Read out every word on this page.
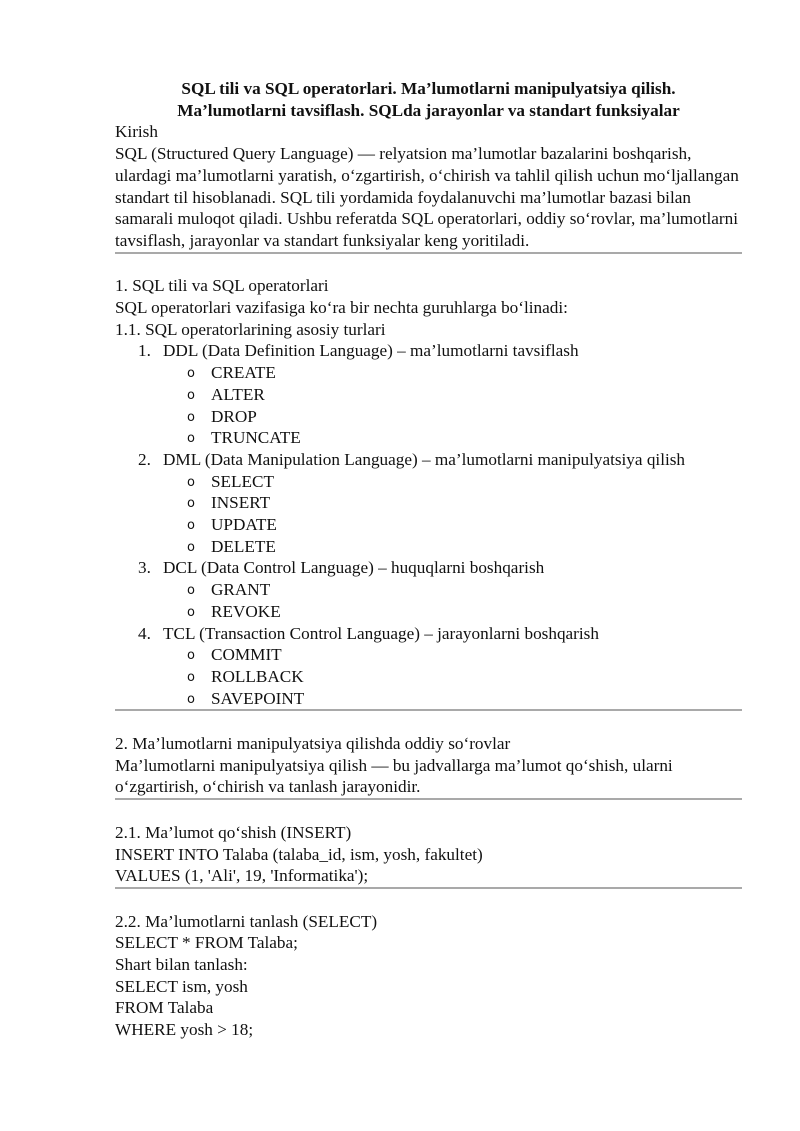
SQL tili va SQL operatorlari. Ma’lumotlarni manipulyatsiya qilish.

Ma’lumotlarni tavsiflash. SQLda jarayonlar va standart funksiyalar

Kirish

SQL (Structured Query Language) — relyatsion ma’lumotlar bazalarini boshqarish, ulardagi ma’lumotlarni yaratish, o‘zgartirish, o‘chirish va tahlil qilish uchun mo‘ljallangan standart til hisoblanadi. SQL tili yordamida foydalanuvchi ma’lumotlar bazasi bilan samarali muloqot qiladi. Ushbu referatda SQL operatorlari, oddiy so‘rovlar, ma’lumotlarni tavsiflash, jarayonlar va standart funksiyalar keng yoritiladi.

1. SQL tili va SQL operatorlari

SQL operatorlari vazifasiga ko‘ra bir nechta guruhlarga bo‘linadi:

1.1. SQL operatorlarining asosiy turlari

1. DDL (Data Definition Language) – ma’lumotlarni tavsiflash
o CREATE
o ALTER
o DROP
o TRUNCATE
2. DML (Data Manipulation Language) – ma’lumotlarni manipulyatsiya qilish
o SELECT
o INSERT
o UPDATE
o DELETE
3. DCL (Data Control Language) – huquqlarni boshqarish
o GRANT
o REVOKE
4. TCL (Transaction Control Language) – jarayonlarni boshqarish
o COMMIT
o ROLLBACK
o SAVEPOINT

2. Ma’lumotlarni manipulyatsiya qilishda oddiy so‘rovlar

Ma’lumotlarni manipulyatsiya qilish — bu jadvallarga ma’lumot qo‘shish, ularni o‘zgartirish, o‘chirish va tanlash jarayonidir.

2.1. Ma’lumot qo‘shish (INSERT)

INSERT INTO Talaba (talaba_id, ism, yosh, fakultet)

VALUES (1, 'Ali', 19, 'Informatika');

2.2. Ma’lumotlarni tanlash (SELECT)

SELECT * FROM Talaba;

Shart bilan tanlash:

SELECT ism, yosh

FROM Talaba

WHERE yosh > 18;
